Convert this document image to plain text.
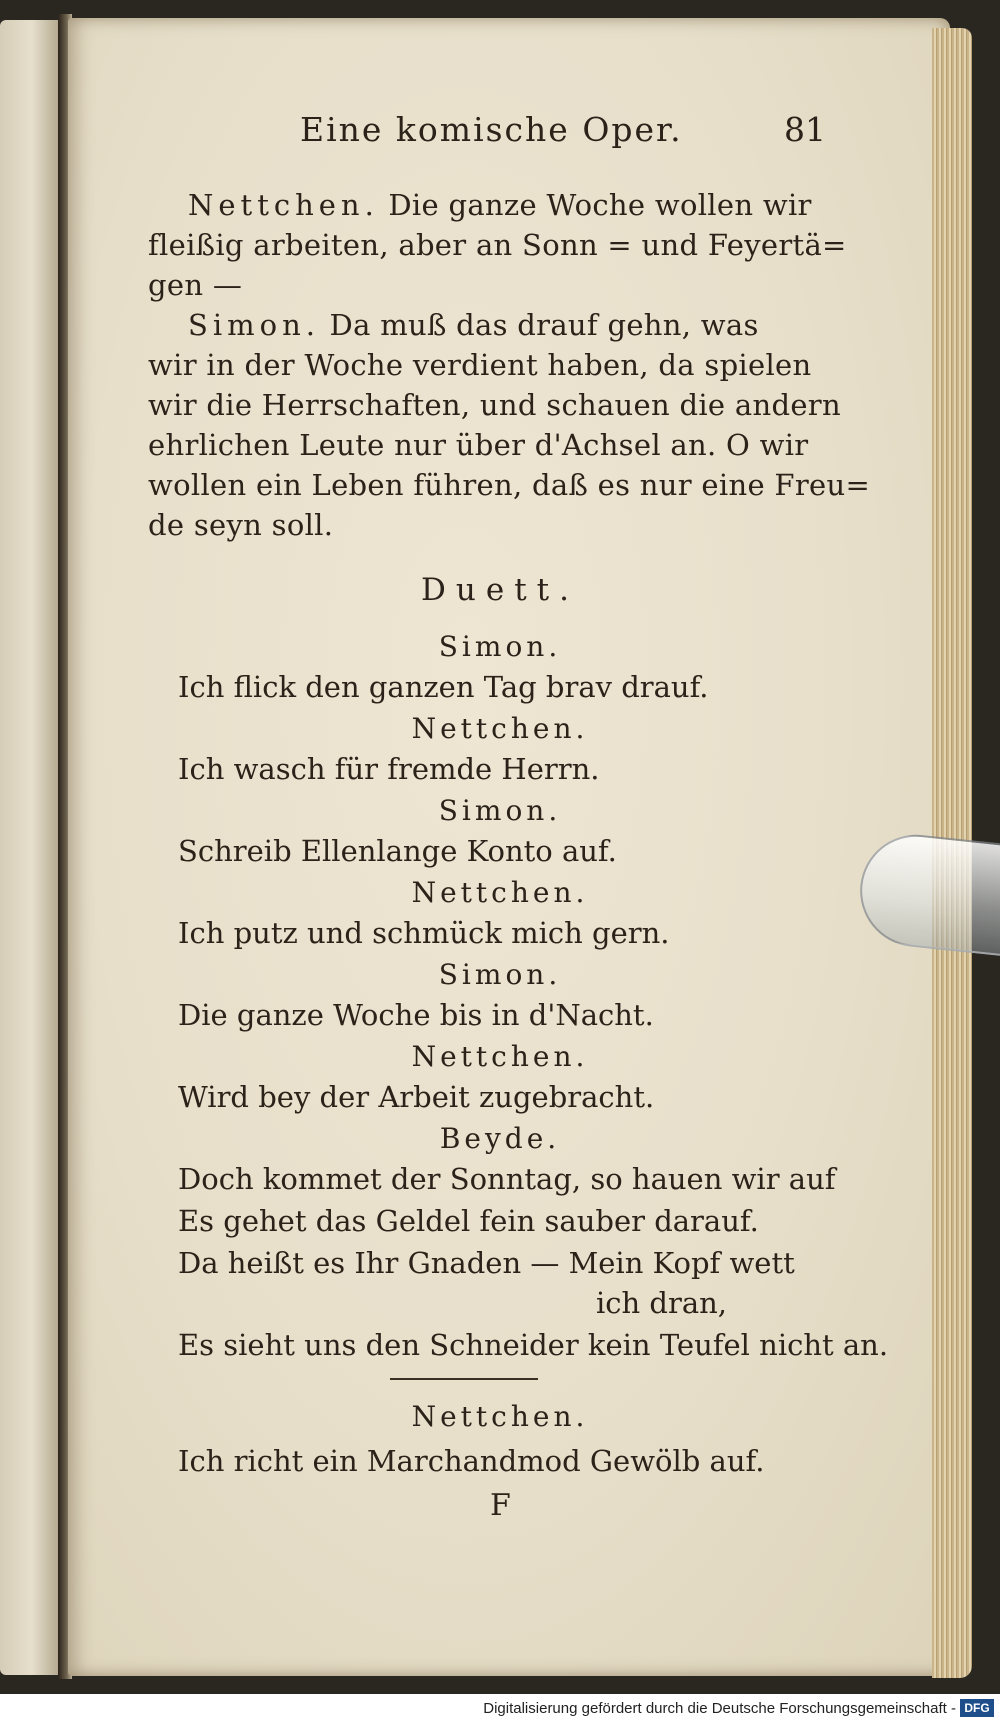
Eine komische Oper.	81
Nettchen. Die ganze Woche wollen wir
fleißig arbeiten, aber an Sonn = und Feyertä=
gen —
Simon. Da muß das drauf gehn, was
wir in der Woche verdient haben, da spielen
wir die Herrschaften, und schauen die andern
ehrlichen Leute nur über d'Achsel an. O wir
wollen ein Leben führen, daß es nur eine Freu=
de seyn soll.
Duett.
Simon.
Ich flick den ganzen Tag brav drauf.
Nettchen.
Ich wasch für fremde Herrn.
Simon.
Schreib Ellenlange Konto auf.
Nettchen.
Ich putz und schmück mich gern.
Simon.
Die ganze Woche bis in d'Nacht.
Nettchen.
Wird bey der Arbeit zugebracht.
Beyde.
Doch kommet der Sonntag, so hauen wir auf
Es gehet das Geldel fein sauber darauf.
Da heißt es Ihr Gnaden — Mein Kopf wett
ich dran,
Es sieht uns den Schneider kein Teufel nicht an.
Nettchen.
Ich richt ein Marchandmod Gewölb auf.
F
Digitalisierung gefördert durch die Deutsche Forschungsgemeinschaft - DFG
